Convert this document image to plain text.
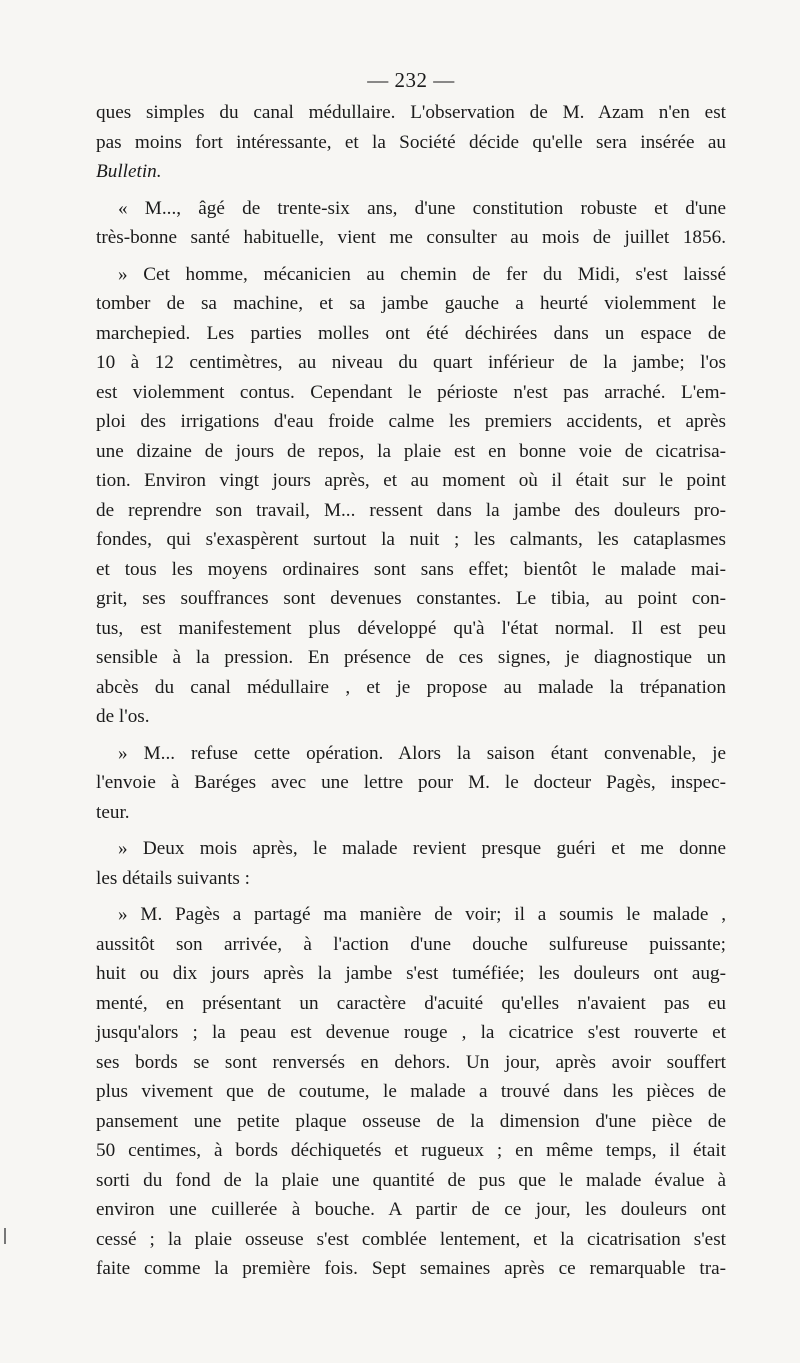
— 232 —
ques simples du canal médullaire. L'observation de M. Azam n'en est
pas moins fort intéressante, et la Société décide qu'elle sera insérée au
Bulletin.
« M..., âgé de trente-six ans, d'une constitution robuste et d'une
très-bonne santé habituelle, vient me consulter au mois de juillet 1856.
» Cet homme, mécanicien au chemin de fer du Midi, s'est laissé
tomber de sa machine, et sa jambe gauche a heurté violemment le
marchepied. Les parties molles ont été déchirées dans un espace de
10 à 12 centimètres, au niveau du quart inférieur de la jambe; l'os
est violemment contus. Cependant le périoste n'est pas arraché. L'em-
ploi des irrigations d'eau froide calme les premiers accidents, et après
une dizaine de jours de repos, la plaie est en bonne voie de cicatrisa-
tion. Environ vingt jours après, et au moment où il était sur le point
de reprendre son travail, M... ressent dans la jambe des douleurs pro-
fondes, qui s'exaspèrent surtout la nuit ; les calmants, les cataplasmes
et tous les moyens ordinaires sont sans effet; bientôt le malade mai-
grit, ses souffrances sont devenues constantes. Le tibia, au point con-
tus, est manifestement plus développé qu'à l'état normal. Il est peu
sensible à la pression. En présence de ces signes, je diagnostique un
abcès du canal médullaire , et je propose au malade la trépanation
de l'os.
» M... refuse cette opération. Alors la saison étant convenable, je
l'envoie à Baréges avec une lettre pour M. le docteur Pagès, inspec-
teur.
» Deux mois après, le malade revient presque guéri et me donne
les détails suivants :
» M. Pagès a partagé ma manière de voir; il a soumis le malade ,
aussitôt son arrivée, à l'action d'une douche sulfureuse puissante;
huit ou dix jours après la jambe s'est tuméfiée; les douleurs ont aug-
menté, en présentant un caractère d'acuité qu'elles n'avaient pas eu
jusqu'alors ; la peau est devenue rouge , la cicatrice s'est rouverte et
ses bords se sont renversés en dehors. Un jour, après avoir souffert
plus vivement que de coutume, le malade a trouvé dans les pièces de
pansement une petite plaque osseuse de la dimension d'une pièce de
50 centimes, à bords déchiquetés et rugueux ; en même temps, il était
sorti du fond de la plaie une quantité de pus que le malade évalue à
environ une cuillerée à bouche. A partir de ce jour, les douleurs ont
cessé ; la plaie osseuse s'est comblée lentement, et la cicatrisation s'est
faite comme la première fois. Sept semaines après ce remarquable tra-
